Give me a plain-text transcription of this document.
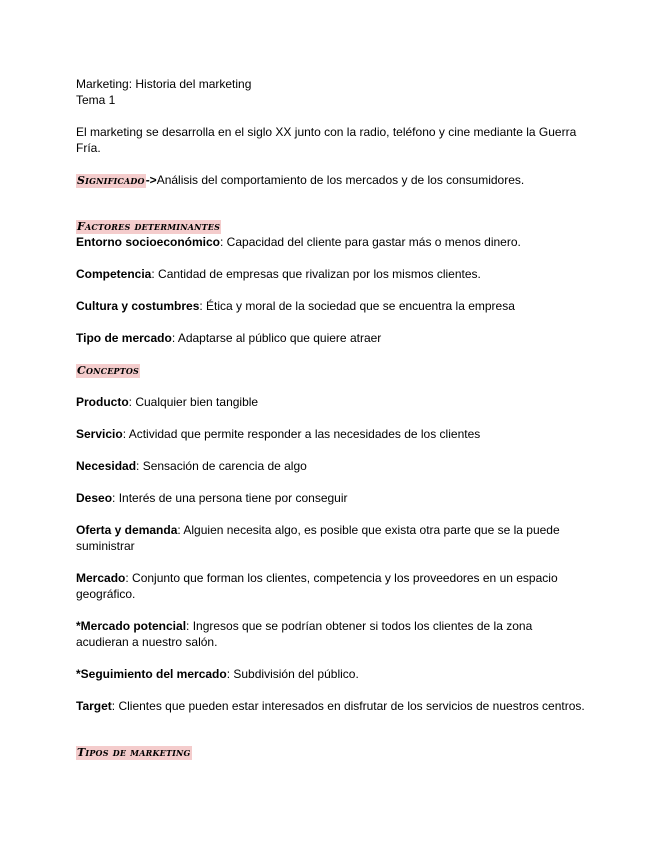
Marketing: Historia del marketing

Tema 1

El marketing se desarrolla en el siglo XX junto con la radio, teléfono y cine mediante la Guerra Fría.

Significado->Análisis del comportamiento de los mercados y de los consumidores.

Factores determinantes

Entorno socioeconómico: Capacidad del cliente para gastar más o menos dinero.

Competencia: Cantidad de empresas que rivalizan por los mismos clientes.

Cultura y costumbres: Ética y moral de la sociedad que se encuentra la empresa

Tipo de mercado: Adaptarse al público que quiere atraer

Conceptos

Producto: Cualquier bien tangible

Servicio: Actividad que permite responder a las necesidades de los clientes

Necesidad: Sensación de carencia de algo

Deseo: Interés de una persona tiene por conseguir

Oferta y demanda: Alguien necesita algo, es posible que exista otra parte que se la puede suministrar

Mercado: Conjunto que forman los clientes, competencia y los proveedores en un espacio geográfico.

*Mercado potencial: Ingresos que se podrían obtener si todos los clientes de la zona acudieran a nuestro salón.

*Seguimiento del mercado: Subdivisión del público.

Target: Clientes que pueden estar interesados en disfrutar de los servicios de nuestros centros.

Tipos de marketing
